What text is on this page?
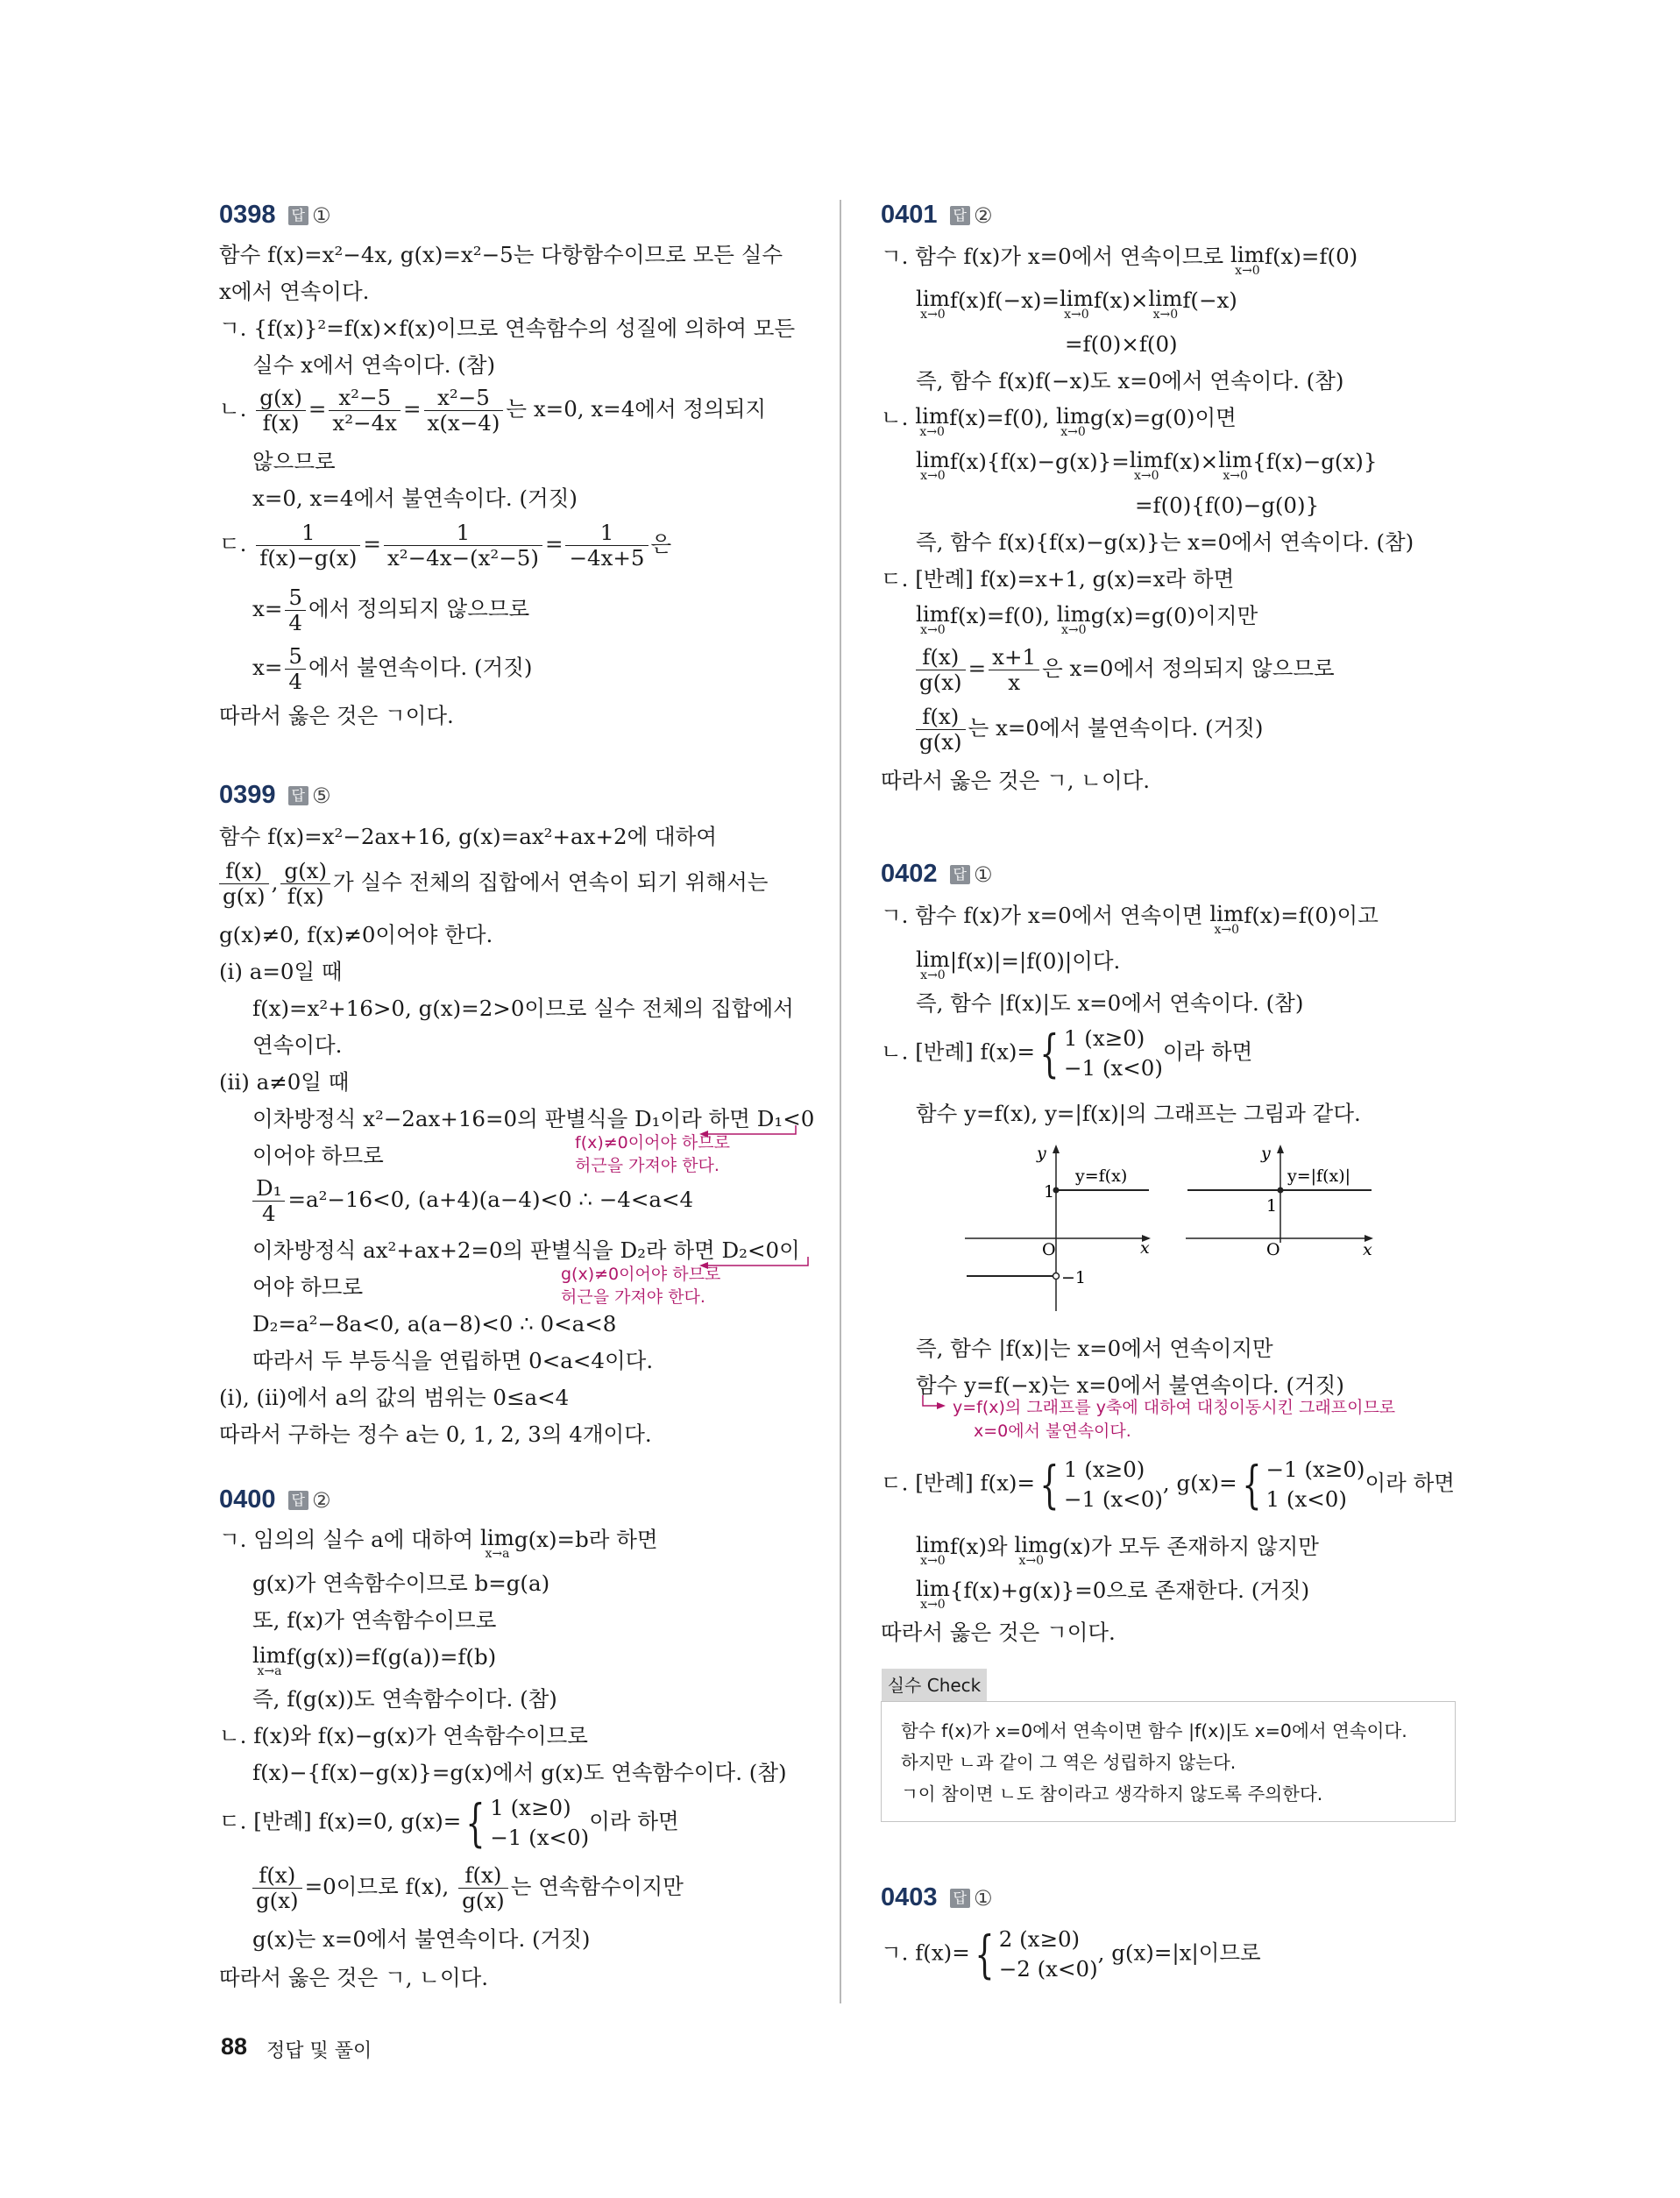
0398 답 ①
함수 f(x)=x²−4x, g(x)=x²−5는 다항함수이므로 모든 실수
x에서 연속이다.
ㄱ. {f(x)}²=f(x)×f(x)이므로 연속함수의 성질에 의하여 모든
실수 x에서 연속이다. (참)
ㄴ. $\frac{g(x)}{f(x)} = \frac{\text{x²−5}}{\text{x²−4x}} = \frac{\text{x²−5}}{x(x-4)}$ 는 x=0, x=4에서 정의되지
않으므로
x=0, x=4에서 불연속이다. (거짓)
ㄷ. $\frac{1}{f(x)-g(x)} = \frac{1}{\text{x²−4x−(x²−5)}} = \frac{1}{-4x+5}$ 은
$x= \frac{5}{4}$ 에서 정의되지 않으므로
$x= \frac{5}{4}$ 에서 불연속이다. (거짓)
따라서 옳은 것은 ㄱ이다.
0399 답 ⑤
함수 f(x)=x²−2ax+16, g(x)=ax²+ax+2에 대하여
$\frac{f(x)}{g(x)}$ , $\frac{g(x)}{f(x)}$ 가 실수 전체의 집합에서 연속이 되기 위해서는
g(x)≠0, f(x)≠0이어야 한다.
(ⅰ) a=0일 때
f(x)=x²+16>0, g(x)=2>0이므로 실수 전체의 집합에서
연속이다.
(ⅱ) a≠0일 때
이차방정식 x²−2ax+16=0의 판별식을 D₁이라 하면 D₁<0
이어야 하므로	f(x)≠0이어야 하므로
허근을 가져야 한다.
$\frac{\text{D₁}}{4} =a^2-16<0$, (a+4)(a−4)<0 ∴ −4<a<4
이차방정식 ax²+ax+2=0의 판별식을 D₂라 하면 D₂<0이
어야 하므로	g(x)≠0이어야 하므로
허근을 가져야 한다.
D₂=a²−8a<0, a(a−8)<0 ∴ 0<a<8
따라서 두 부등식을 연립하면 0<a<4이다.
(ⅰ), (ⅱ)에서 a의 값의 범위는 0≤a<4
따라서 구하는 정수 a는 0, 1, 2, 3의 4개이다.
0400 답 ②
ㄱ. 임의의 실수 a에 대하여 lim
x→a
g(x)=b라 하면
g(x)가 연속함수이므로 b=g(a)
또, f(x)가 연속함수이므로
lim
x→a
f(g(x))=f(g(a))=f(b)
즉, f(g(x))도 연속함수이다. (참)
ㄴ. f(x)와 f(x)−g(x)가 연속함수이므로
f(x)−{f(x)−g(x)}=g(x)에서 g(x)도 연속함수이다. (참)
ㄷ. [반례] f(x)=0, g(x)= { 1 (x≥0)
−1 (x<0)
이라 하면
$\frac{f(x)}{g(x)} =0$이므로 f(x), $\frac{f(x)}{g(x)}$ 는 연속함수이지만
g(x)는 x=0에서 불연속이다. (거짓)
따라서 옳은 것은 ㄱ, ㄴ이다.
0401 답 ②
ㄱ. 함수 f(x)가 x=0에서 연속이므로 lim
x→0
f(x)=f(0)
lim
x→0
f(x)f(−x)= lim
x→0
f(x)× lim
x→0
f(−x)
=f(0)×f(0)
즉, 함수 f(x)f(−x)도 x=0에서 연속이다. (참)
ㄴ. lim
x→0
f(x)=f(0), lim
x→0
g(x)=g(0)이면
lim
x→0
f(x){f(x)−g(x)}= lim
x→0
f(x)× lim
x→0
{f(x)−g(x)}
=f(0){f(0)−g(0)}
즉, 함수 f(x){f(x)−g(x)}는 x=0에서 연속이다. (참)
ㄷ. [반례] f(x)=x+1, g(x)=x라 하면
lim
x→0
f(x)=f(0), lim
x→0
g(x)=g(0)이지만
$\frac{f(x)}{g(x)} = \frac{x+1}{x}$ 은 x=0에서 정의되지 않으므로
$\frac{f(x)}{g(x)}$ 는 x=0에서 불연속이다. (거짓)
따라서 옳은 것은 ㄱ, ㄴ이다.
0402 답 ①
ㄱ. 함수 f(x)가 x=0에서 연속이면 lim
x→0
f(x)=f(0)이고
lim
x→0
|f(x)|=|f(0)|이다.
즉, 함수 |f(x)|도 x=0에서 연속이다. (참)
ㄴ. [반례] f(x)= { 1 (x≥0)
−1 (x<0)
이라 하면
함수 y=f(x), y=|f(x)|의 그래프는 그림과 같다.
y
x
O
1
−1
y=f(x)
y
x
O
1
y=|f(x)|
즉, 함수 |f(x)|는 x=0에서 연속이지만
함수 y=f(−x)는 x=0에서 불연속이다. (거짓)
y=f(x)의 그래프를 y축에 대하여 대칭이동시킨 그래프이므로
x=0에서 불연속이다.
ㄷ. [반례] f(x)= { 1 (x≥0)
−1 (x<0)
, g(x)= { −1 (x≥0)
1 (x<0)
이라 하면
lim
x→0
f(x)와 lim
x→0
g(x)가 모두 존재하지 않지만
lim
x→0
{f(x)+g(x)}=0으로 존재한다. (거짓)
따라서 옳은 것은 ㄱ이다.
실수 Check
함수 f(x)가 x=0에서 연속이면 함수 |f(x)|도 x=0에서 연속이다.
하지만 ㄴ과 같이 그 역은 성립하지 않는다.
ㄱ이 참이면 ㄴ도 참이라고 생각하지 않도록 주의한다.
0403 답 ①
ㄱ. f(x)= { 2 (x≥0)
−2 (x<0)
, g(x)=|x|이므로
88 정답 및 풀이
